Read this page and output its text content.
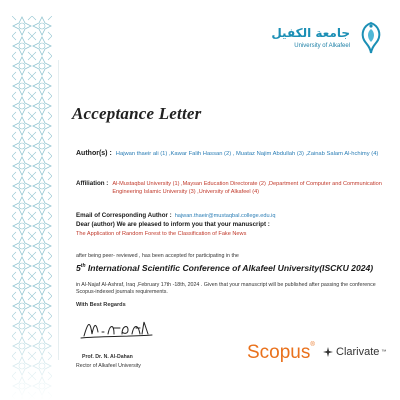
جامعة الكفيل
University of Alkafeel
Acceptance Letter
Author(s) : Hajwan thaeir ali (1) ,Kawar Falih Hassan (2) , Muataz Najim Abdullah (3) ,Zainab Salam Al-hchimy (4)
Affiliation : Al-Mustaqbal University (1) ,Maysan Education Directorate (2) ,Department of Computer and Communication Engineering Islamic University (3) ,University of Alkafeel (4)
Email of Corresponding Author : hajwan.thaeir@mustaqbal.college.edu.iq
Dear (author) We are pleased to inform you that your manuscript :
The Application of Random Forest to the Classification of Fake News
after being peer- reviewed , has been accepted for participating in the
5th International Scientific Conference of Alkafeel University(ISCKU 2024)
in Al-Najaf Al-Ashraf, Iraq ,February 17th -18th, 2024 . Given that your manuscript will be published after passing the conference Scopus-indexed journals requirements.
With Best Regards
Prof. Dr. N. Al-Dahan
Rector of Alkafeel University
Scopus®
Clarivate ™
